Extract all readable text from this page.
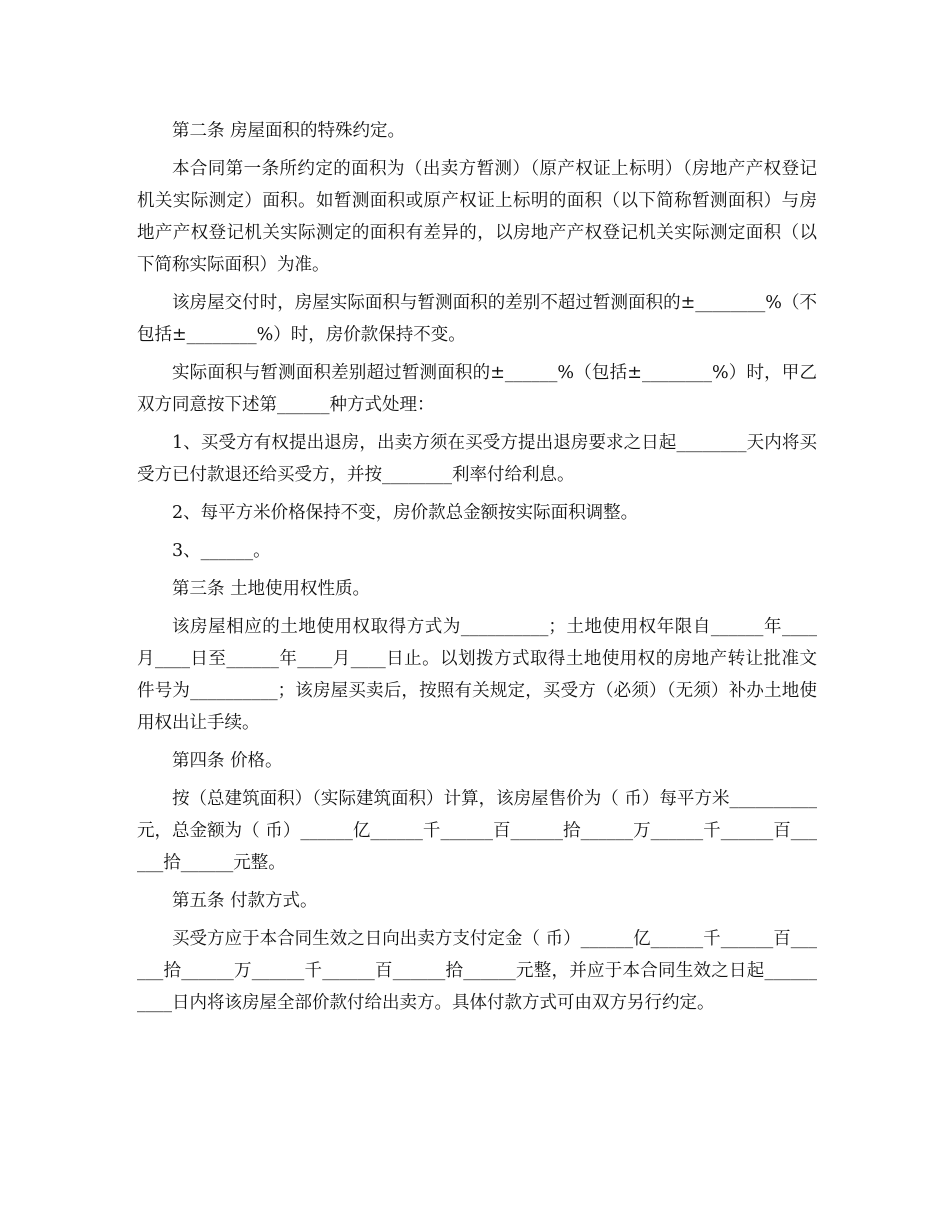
第二条 房屋面积的特殊约定。

本合同第一条所约定的面积为（出卖方暂测）（原产权证上标明）（房地产产权登记机关实际测定）面积。如暂测面积或原产权证上标明的面积（以下简称暂测面积）与房地产产权登记机关实际测定的面积有差异的，以房地产产权登记机关实际测定面积（以下简称实际面积）为准。

该房屋交付时，房屋实际面积与暂测面积的差别不超过暂测面积的±________%（不包括±________%）时，房价款保持不变。

实际面积与暂测面积差别超过暂测面积的±______%（包括±________%）时，甲乙双方同意按下述第______种方式处理：

1、买受方有权提出退房，出卖方须在买受方提出退房要求之日起________天内将买受方已付款退还给买受方，并按________利率付给利息。

2、每平方米价格保持不变，房价款总金额按实际面积调整。

3、______。

第三条 土地使用权性质。

该房屋相应的土地使用权取得方式为__________；土地使用权年限自______年____月____日至______年____月____日止。以划拨方式取得土地使用权的房地产转让批准文件号为__________；该房屋买卖后，按照有关规定，买受方（必须）（无须）补办土地使用权出让手续。

第四条 价格。

按（总建筑面积）（实际建筑面积）计算，该房屋售价为（ 币）每平方米__________元，总金额为（ 币）______亿______千______百______拾______万______千______百______拾______元整。

第五条 付款方式。

买受方应于本合同生效之日向出卖方支付定金（ 币）______亿______千______百______拾______万______千______百______拾______元整，并应于本合同生效之日起__________日内将该房屋全部价款付给出卖方。具体付款方式可由双方另行约定。
